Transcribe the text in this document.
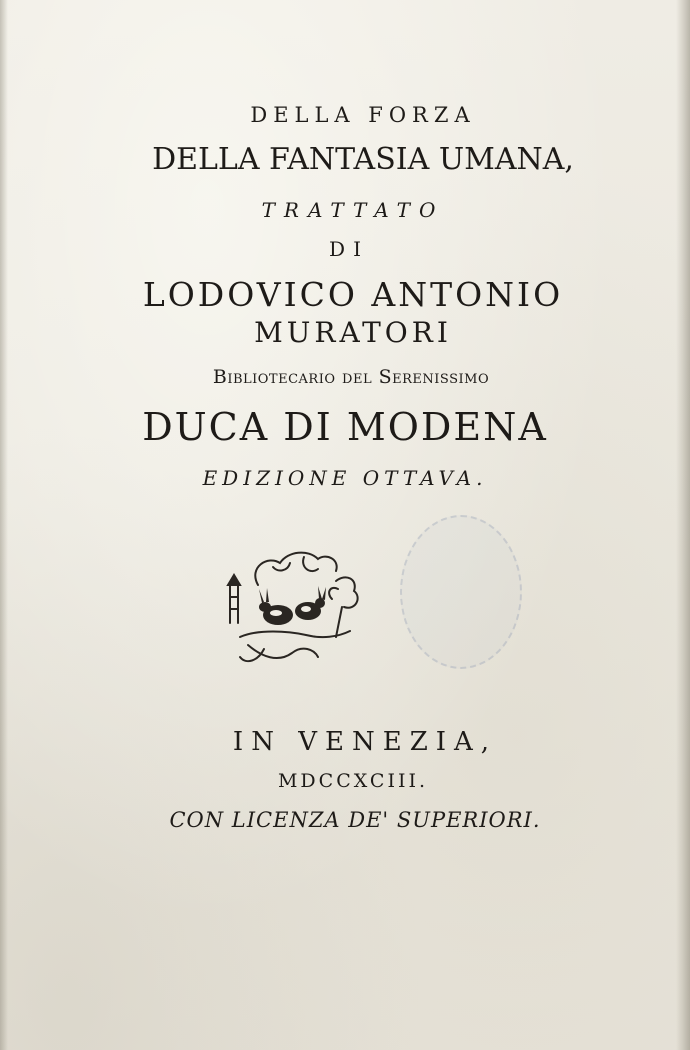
DELLA FORZA

DELLA FANTASIA UMANA,

TRATTATO

DI

LODOVICO ANTONIO

MURATORI

Bibliotecario del Serenissimo

DUCA DI MODENA

EDIZIONE OTTAVA.

IN VENEZIA,

MDCCXCIII.

CON LICENZA DE' SUPERIORI.
